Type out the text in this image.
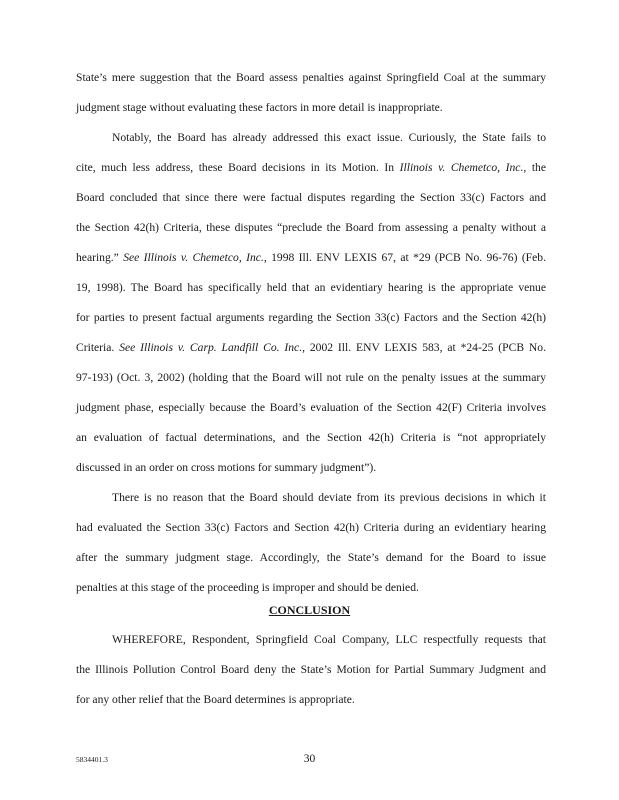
State’s mere suggestion that the Board assess penalties against Springfield Coal at the summary
judgment stage without evaluating these factors in more detail is inappropriate.
Notably, the Board has already addressed this exact issue. Curiously, the State fails to
cite, much less address, these Board decisions in its Motion. In Illinois v. Chemetco, Inc., the
Board concluded that since there were factual disputes regarding the Section 33(c) Factors and
the Section 42(h) Criteria, these disputes “preclude the Board from assessing a penalty without a
hearing.” See Illinois v. Chemetco, Inc., 1998 Ill. ENV LEXIS 67, at *29 (PCB No. 96-76) (Feb.
19, 1998). The Board has specifically held that an evidentiary hearing is the appropriate venue
for parties to present factual arguments regarding the Section 33(c) Factors and the Section 42(h)
Criteria. See Illinois v. Carp. Landfill Co. Inc., 2002 Ill. ENV LEXIS 583, at *24-25 (PCB No.
97-193) (Oct. 3, 2002) (holding that the Board will not rule on the penalty issues at the summary
judgment phase, especially because the Board’s evaluation of the Section 42(F) Criteria involves
an evaluation of factual determinations, and the Section 42(h) Criteria is “not appropriately
discussed in an order on cross motions for summary judgment”).
There is no reason that the Board should deviate from its previous decisions in which it
had evaluated the Section 33(c) Factors and Section 42(h) Criteria during an evidentiary hearing
after the summary judgment stage. Accordingly, the State’s demand for the Board to issue
penalties at this stage of the proceeding is improper and should be denied.
CONCLUSION
WHEREFORE, Respondent, Springfield Coal Company, LLC respectfully requests that
the Illinois Pollution Control Board deny the State’s Motion for Partial Summary Judgment and
for any other relief that the Board determines is appropriate.
5834401.3	30
